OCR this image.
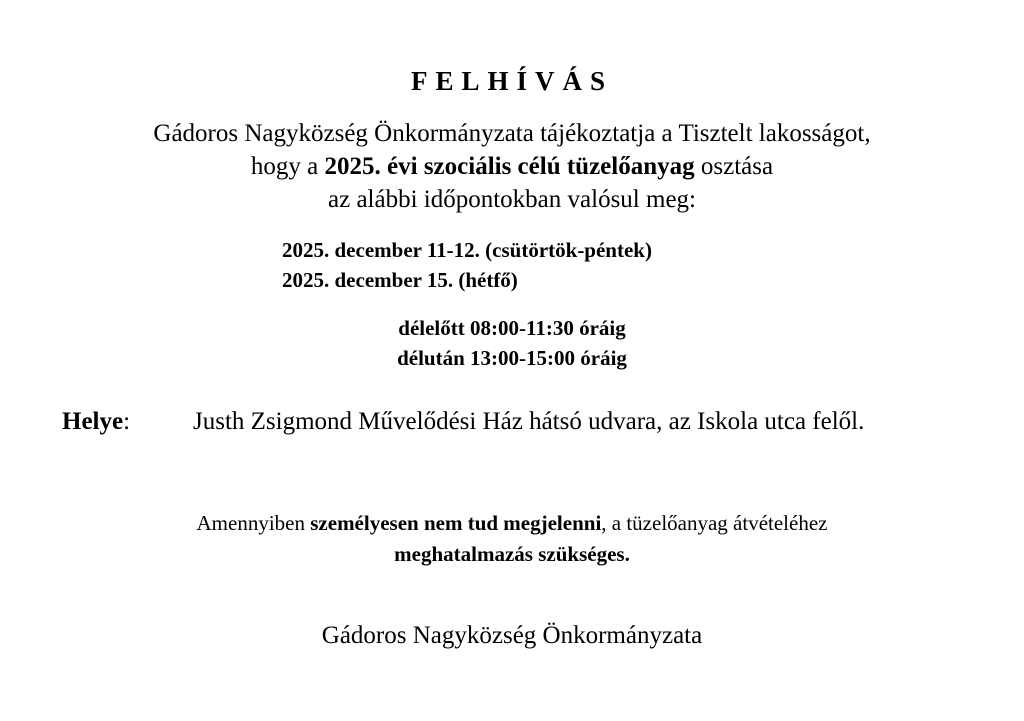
FELHÍVÁS
Gádoros Nagyközség Önkormányzata tájékoztatja a Tisztelt lakosságot,
hogy a 2025. évi szociális célú tüzelőanyag osztása
az alábbi időpontokban valósul meg:
2025. december 11-12. (csütörtök-péntek)
2025. december 15. (hétfő)
délelőtt 08:00-11:30 óráig
délután 13:00-15:00 óráig
Helye:	Justh Zsigmond Művelődési Ház hátsó udvara, az Iskola utca felől.
Amennyiben személyesen nem tud megjelenni, a tüzelőanyag átvételéhez
meghatalmazás szükséges.
Gádoros Nagyközség Önkormányzata
